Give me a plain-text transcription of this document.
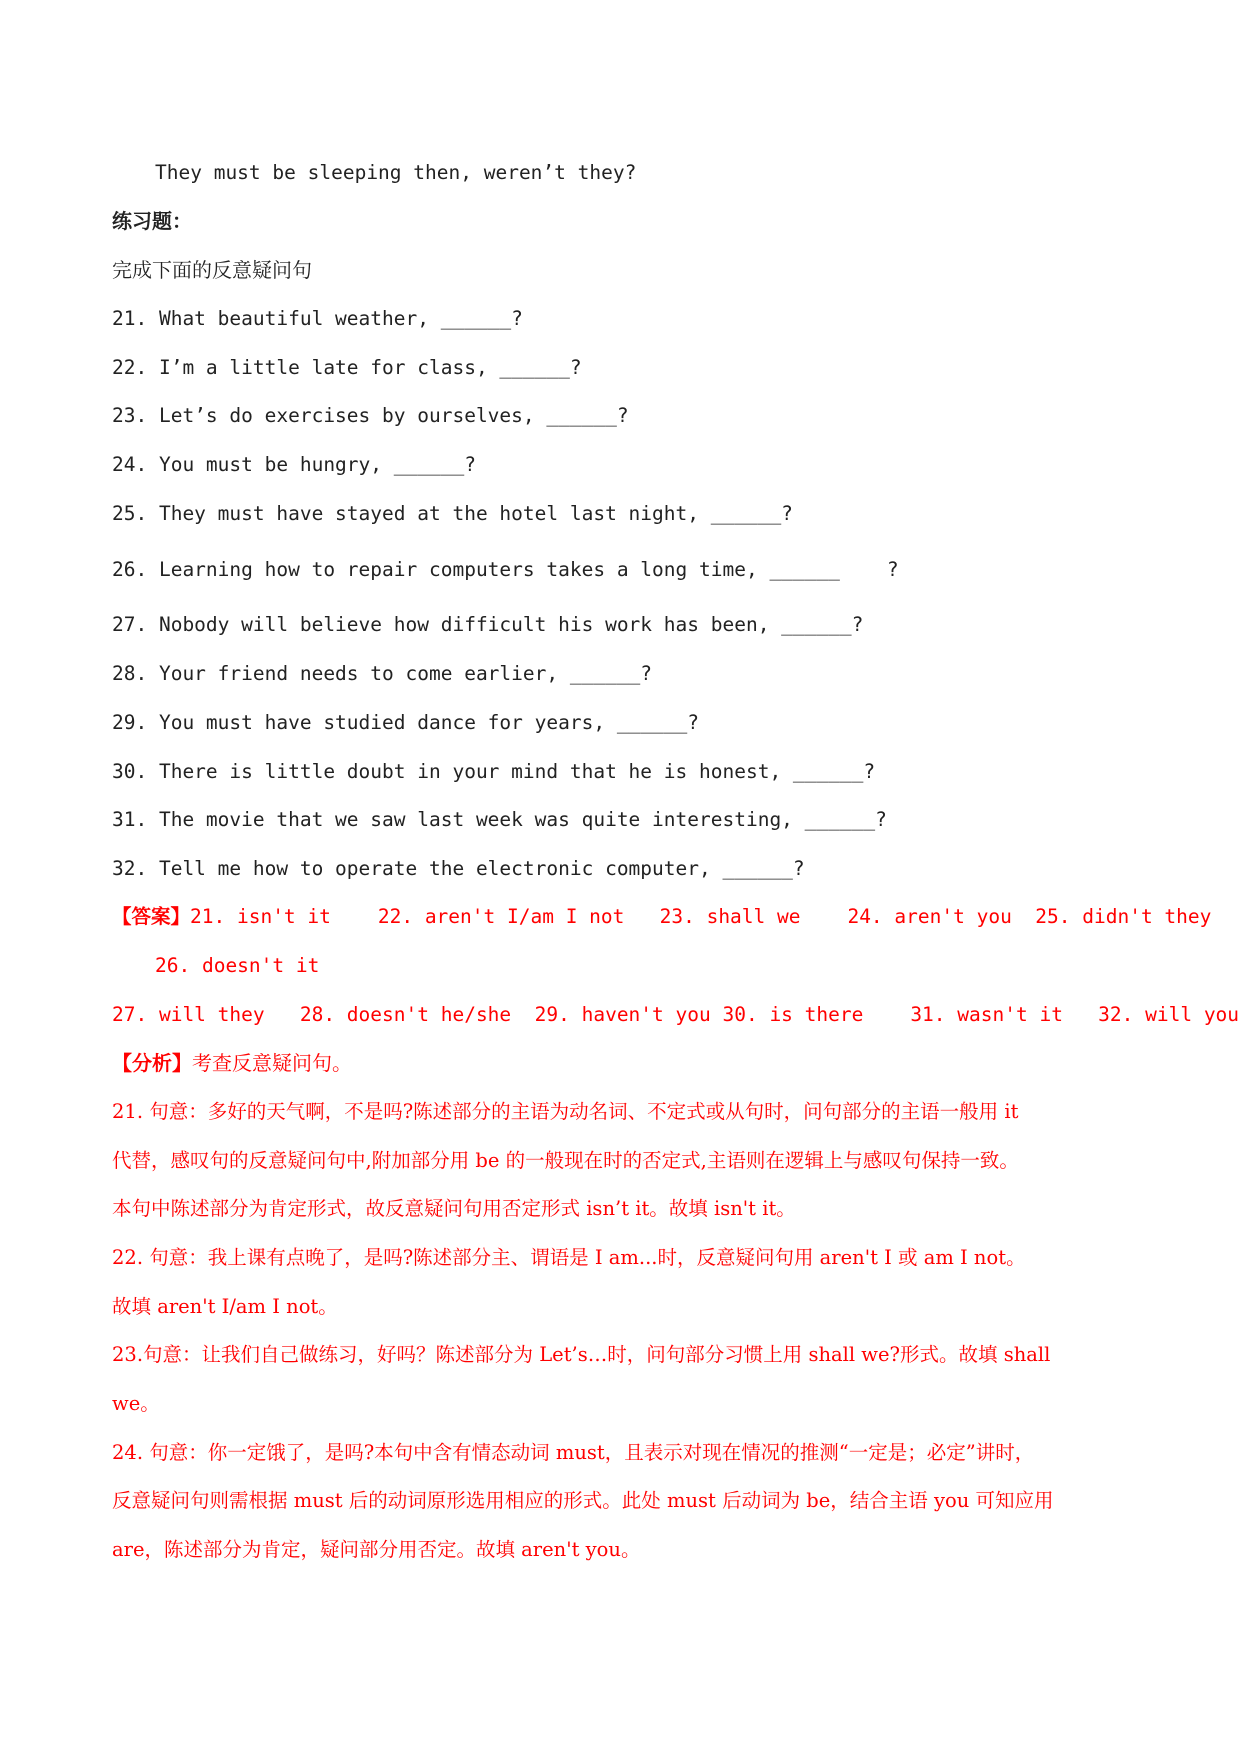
They must be sleeping then, weren’t they?
练习题：
完成下面的反意疑问句
21. What beautiful weather, ______?
22. I’m a little late for class, ______?
23. Let’s do exercises by ourselves, ______?
24. You must be hungry, ______?
25. They must have stayed at the hotel last night, ______?
26. Learning how to repair computers takes a long time, ______    ?
27. Nobody will believe how difficult his work has been, ______?
28. Your friend needs to come earlier, ______?
29. You must have studied dance for years, ______?
30. There is little doubt in your mind that he is honest, ______?
31. The movie that we saw last week was quite interesting, ______?
32. Tell me how to operate the electronic computer, ______?
【答案】21. isn't it    22. aren't I/am I not   23. shall we    24. aren't you  25. didn't they
26. doesn't it
27. will they   28. doesn't he/she  29. haven't you 30. is there    31. wasn't it   32. will you
【分析】考查反意疑问句。
21. 句意：多好的天气啊，不是吗?陈述部分的主语为动名词、不定式或从句时，问句部分的主语一般用 it
代替，感叹句的反意疑问句中,附加部分用 be 的一般现在时的否定式,主语则在逻辑上与感叹句保持一致。
本句中陈述部分为肯定形式，故反意疑问句用否定形式 isn’t it。故填 isn't it。
22. 句意：我上课有点晚了，是吗?陈述部分主、谓语是 I am...时，反意疑问句用 aren't I 或 am I not。
故填 aren't I/am I not。
23.句意：让我们自己做练习，好吗？陈述部分为 Let’s…时，问句部分习惯上用 shall we?形式。故填 shall
we。
24. 句意：你一定饿了，是吗?本句中含有情态动词 must，且表示对现在情况的推测“一定是；必定”讲时，
反意疑问句则需根据 must 后的动词原形选用相应的形式。此处 must 后动词为 be，结合主语 you 可知应用
are，陈述部分为肯定，疑问部分用否定。故填 aren't you。
